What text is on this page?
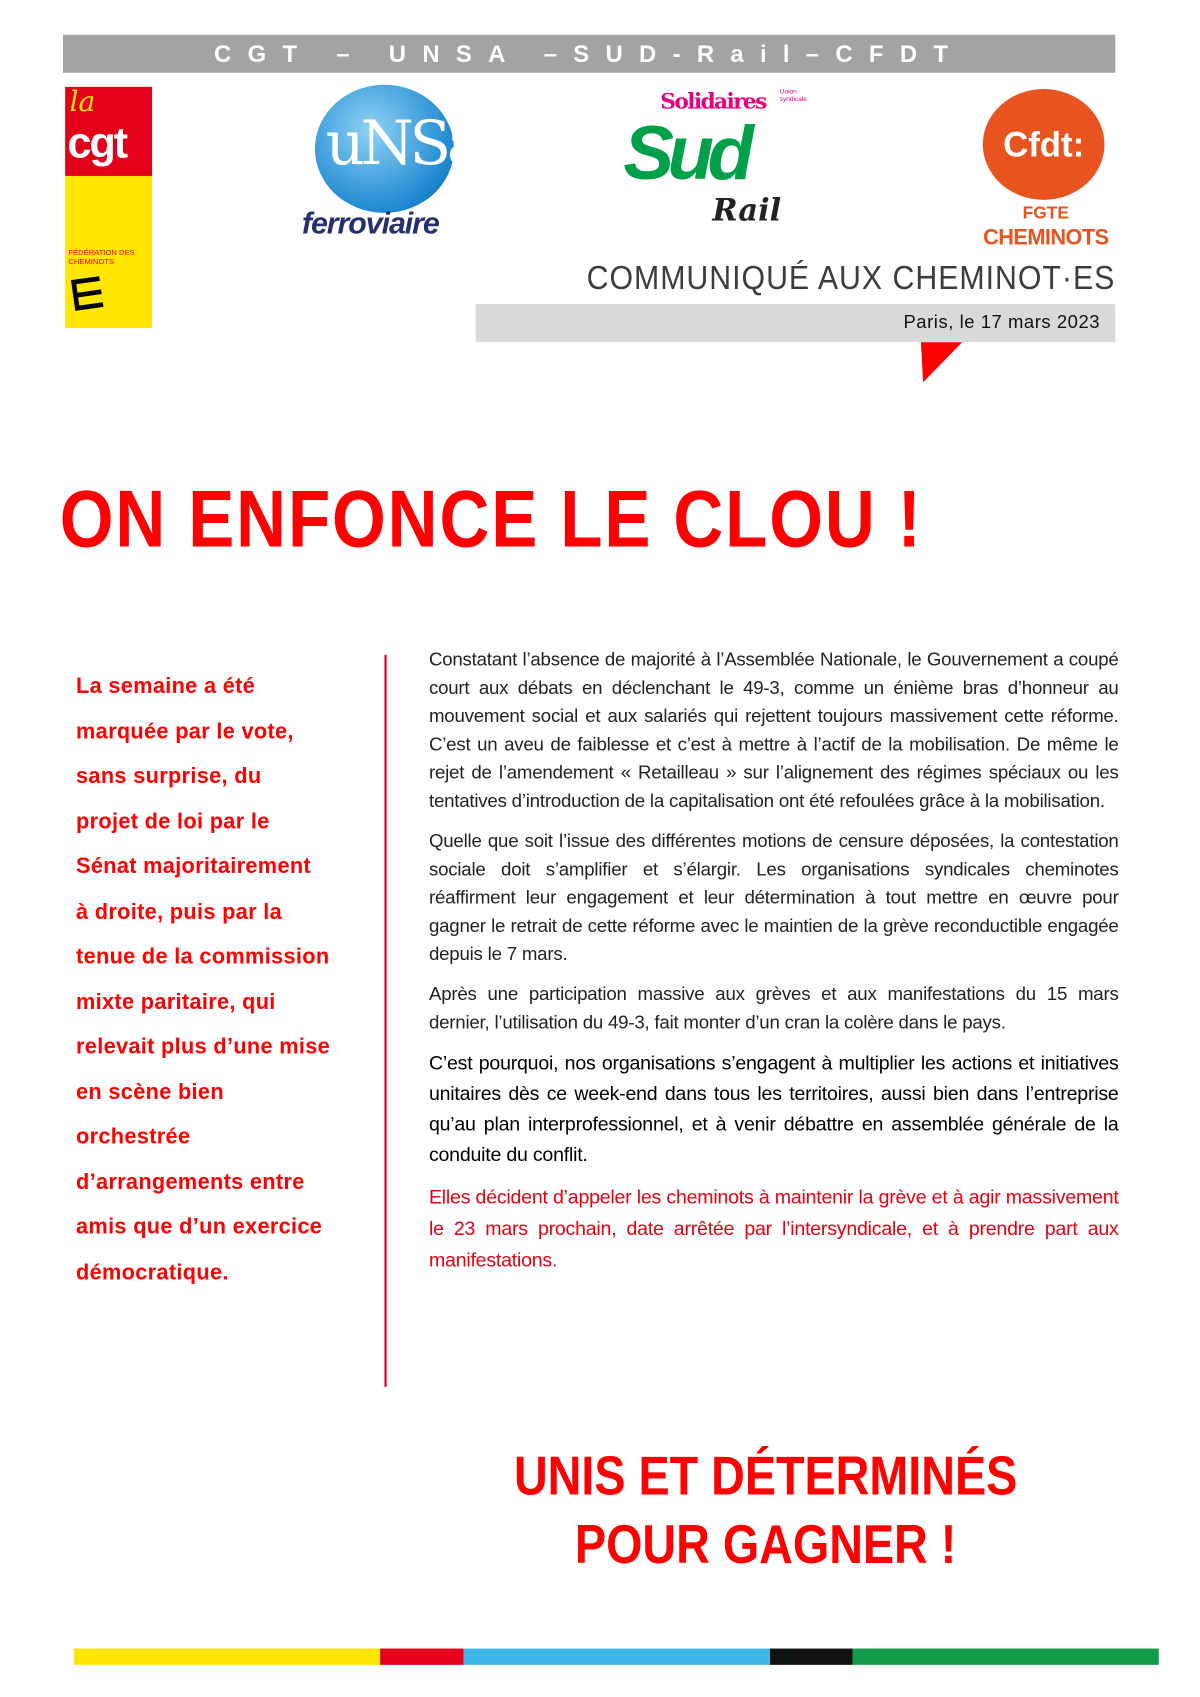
CGT – UNSA –SUD-Rail–CFDT
la
cgt
FÉDÉRATION DES CHEMINOTS
⋿
uNSa
ferroviaire
Union syndicale
Solidaires
Sud
Rail
Cfdt:
FGTE
CHEMINOTS
COMMUNIQUÉ AUX CHEMINOT·ES
Paris, le 17 mars 2023
ON ENFONCE LE CLOU !
La semaine a été
marquée par le vote,
sans surprise, du
projet de loi par le
Sénat majoritairement
à droite, puis par la
tenue de la commission
mixte paritaire, qui
relevait plus d’une mise
en scène bien
orchestrée
d’arrangements entre
amis que d’un exercice
démocratique.

Constatant l’absence de majorité à l’Assemblée Nationale, le Gouvernement a coupé court aux débats en déclenchant le 49-3, comme un énième bras d’honneur au mouvement social et aux salariés qui rejettent toujours massivement cette réforme. C’est un aveu de faiblesse et c’est à mettre à l’actif de la mobilisation. De même le rejet de l’amendement « Retailleau » sur l’alignement des régimes spéciaux ou les tentatives d’introduction de la capitalisation ont été refoulées grâce à la mobilisation.

Quelle que soit l’issue des différentes motions de censure déposées, la contestation sociale doit s’amplifier et s’élargir. Les organisations syndicales cheminotes réaffirment leur engagement et leur détermination à tout mettre en œuvre pour gagner le retrait de cette réforme avec le maintien de la grève reconductible engagée depuis le 7 mars.

Après une participation massive aux grèves et aux manifestations du 15 mars dernier, l’utilisation du 49-3, fait monter d’un cran la colère dans le pays.

C’est pourquoi, nos organisations s’engagent à multiplier les actions et initiatives unitaires dès ce week-end dans tous les territoires, aussi bien dans l’entreprise qu’au plan interprofessionnel, et à venir débattre en assemblée générale de la conduite du conflit.

Elles décident d’appeler les cheminots à maintenir la grève et à agir massivement le 23 mars prochain, date arrêtée par l’intersyndicale, et à prendre part aux manifestations.

UNIS ET DÉTERMINÉS
POUR GAGNER !
